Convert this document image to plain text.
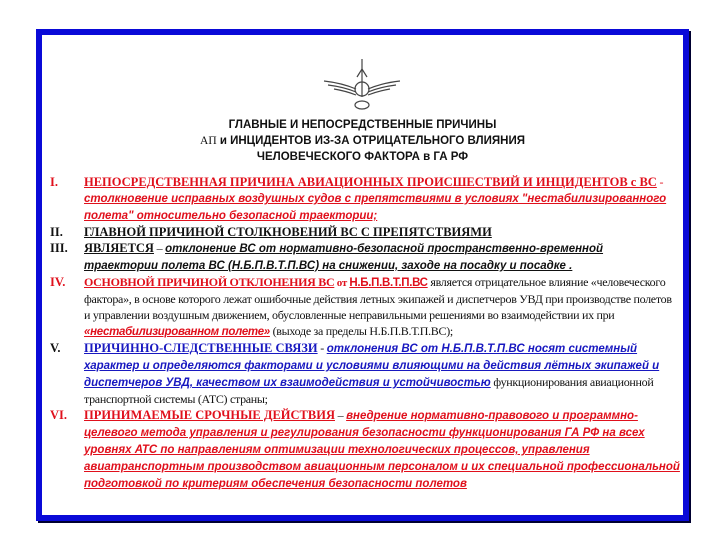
ГЛАВНЫЕ И НЕПОСРЕДСТВЕННЫЕ ПРИЧИНЫ
АП и ИНЦИДЕНТОВ ИЗ-ЗА ОТРИЦАТЕЛЬНОГО ВЛИЯНИЯ
ЧЕЛОВЕЧЕСКОГО ФАКТОРА в ГА РФ
I.	НЕПОСРЕДСТВЕННАЯ ПРИЧИНА АВИАЦИОННЫХ ПРОИСШЕСТВИЙ И ИНЦИДЕНТОВ с ВС - столкновение исправных воздушных судов с препятствиями в условиях "нестабилизированного полета" относительно безопасной траектории;
II.	ГЛАВНОЙ ПРИЧИНОЙ СТОЛКНОВЕНИЙ ВС С ПРЕПЯТСТВИЯМИ
III.	ЯВЛЯЕТСЯ – отклонение ВС от нормативно-безопасной пространственно-временной траектории полета ВС (Н.Б.П.В.Т.П.ВС) на снижении, заходе на посадку и посадке .
IV.	ОСНОВНОЙ ПРИЧИНОЙ ОТКЛОНЕНИЯ ВС от Н.Б.П.В.Т.П.ВС является отрицательное влияние «человеческого фактора», в основе которого лежат ошибочные действия летных экипажей и диспетчеров УВД при производстве полетов и управлении воздушным движением, обусловленные неправильными решениями во взаимодействии их при «нестабилизированном полете» (выходе за пределы Н.Б.П.В.Т.П.ВС);
V.	ПРИЧИННО-СЛЕДСТВЕННЫЕ СВЯЗИ - отклонения ВС от Н.Б.П.В.Т.П.ВС носят системный характер и определяются факторами и условиями влияющими на действия лётных экипажей и диспетчеров УВД, качеством их взаимодействия и устойчивостью функционирования авиационной транспортной системы (АТС) страны;
VI.	ПРИНИМАЕМЫЕ СРОЧНЫЕ ДЕЙСТВИЯ – внедрение нормативно-правового и программно-целевого метода управления и регулирования безопасности функционирования ГА РФ на всех уровнях АТС по направлениям оптимизации технологических процессов, управления авиатранспортным производством авиационным персоналом и их специальной профессиональной подготовкой по критериям обеспечения безопасности полетов
